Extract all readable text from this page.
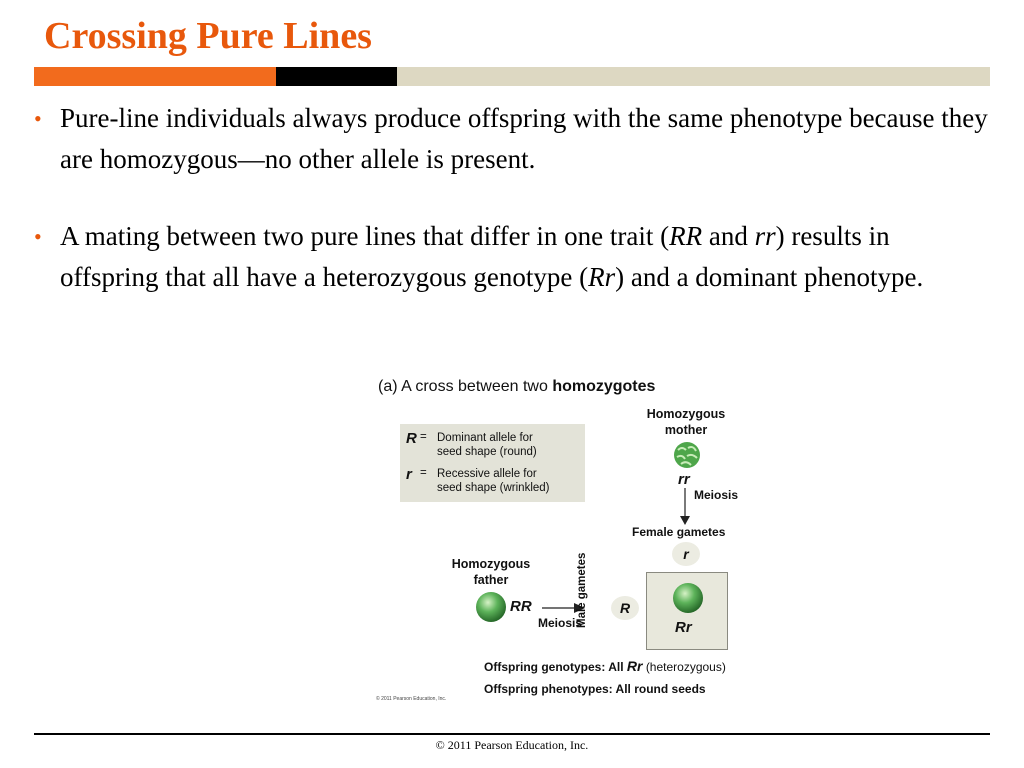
Crossing Pure Lines
• Pure-line individuals always produce offspring with the same phenotype because they are homozygous—no other allele is present.
• A mating between two pure lines that differ in one trait (RR and rr) results in offspring that all have a heterozygous genotype (Rr) and a dominant phenotype.
(a) A cross between two homozygotes
R = Dominant allele for
seed shape (round)
r = Recessive allele for
seed shape (wrinkled)
Homozygous
mother
rr
Meiosis
Female gametes
r
Homozygous
father
RR
Meiosis
Male gametes	R
Rr
Offspring genotypes: All Rr (heterozygous)
Offspring phenotypes: All round seeds
© 2011 Pearson Education, Inc.
© 2011 Pearson Education, Inc.
